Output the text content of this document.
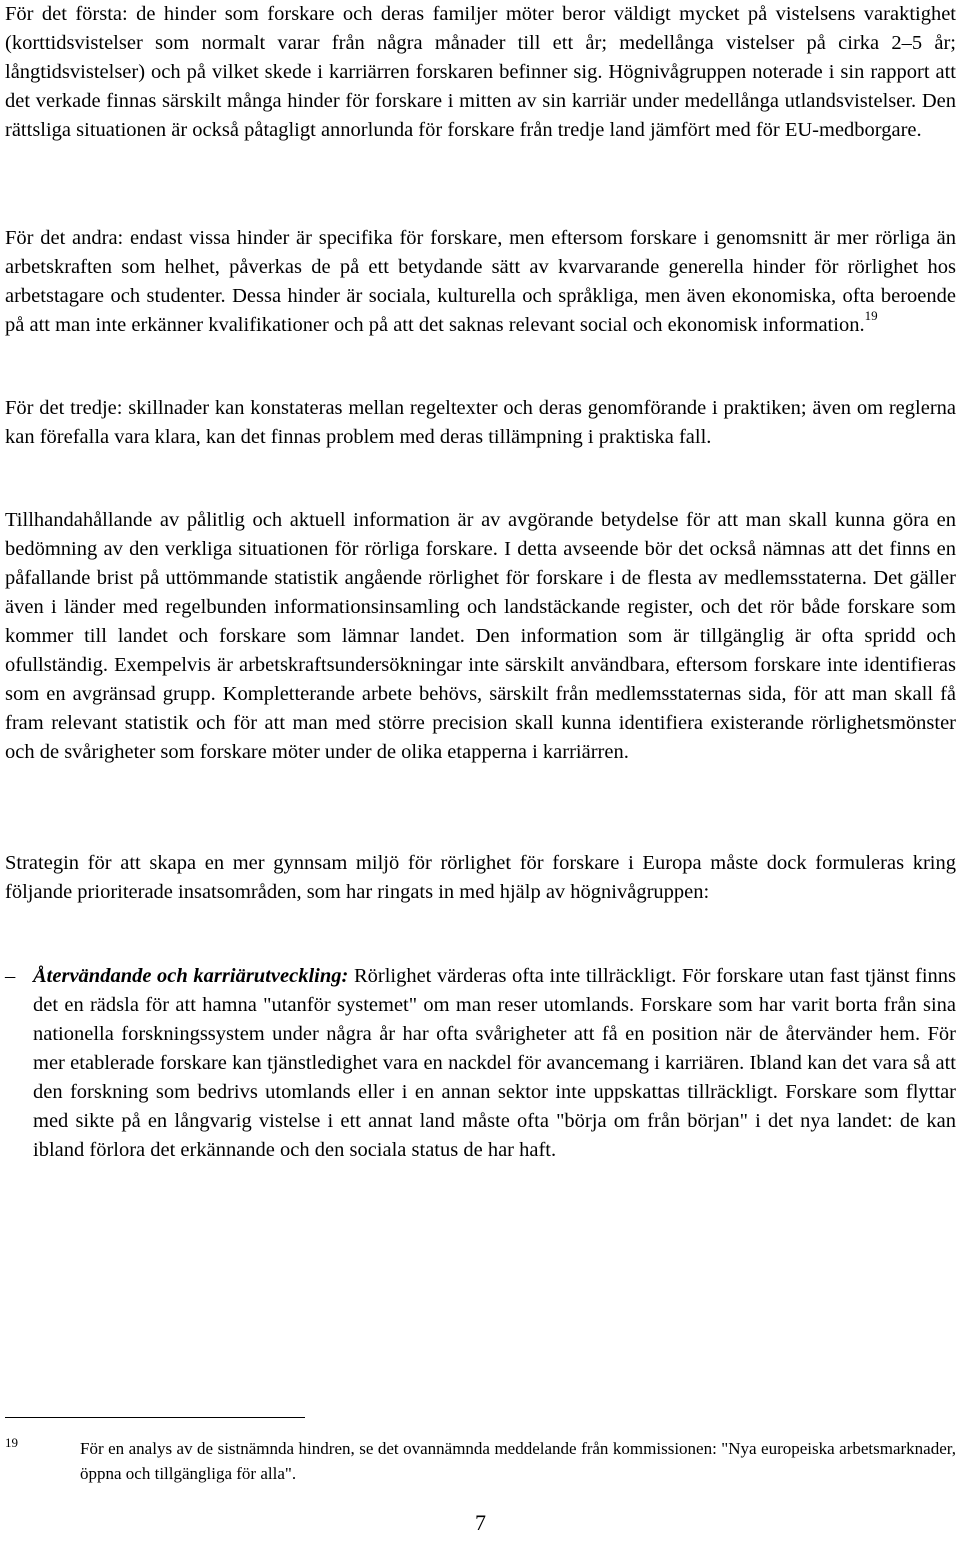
För det första: de hinder som forskare och deras familjer möter beror väldigt mycket på vistelsens varaktighet (korttidsvistelser som normalt varar från några månader till ett år; medellånga vistelser på cirka 2–5 år; långtidsvistelser) och på vilket skede i karriärren forskaren befinner sig. Högnivågruppen noterade i sin rapport att det verkade finnas särskilt många hinder för forskare i mitten av sin karriär under medellånga utlandsvistelser. Den rättsliga situationen är också påtagligt annorlunda för forskare från tredje land jämfört med för EU-medborgare.

För det andra: endast vissa hinder är specifika för forskare, men eftersom forskare i genomsnitt är mer rörliga än arbetskraften som helhet, påverkas de på ett betydande sätt av kvarvarande generella hinder för rörlighet hos arbetstagare och studenter. Dessa hinder är sociala, kulturella och språkliga, men även ekonomiska, ofta beroende på att man inte erkänner kvalifikationer och på att det saknas relevant social och ekonomisk information.$^{19}$

För det tredje: skillnader kan konstateras mellan regeltexter och deras genomförande i praktiken; även om reglerna kan förefalla vara klara, kan det finnas problem med deras tillämpning i praktiska fall.

Tillhandahållande av pålitlig och aktuell information är av avgörande betydelse för att man skall kunna göra en bedömning av den verkliga situationen för rörliga forskare. I detta avseende bör det också nämnas att det finns en påfallande brist på uttömmande statistik angående rörlighet för forskare i de flesta av medlemsstaterna. Det gäller även i länder med regelbunden informationsinsamling och landstäckande register, och det rör både forskare som kommer till landet och forskare som lämnar landet. Den information som är tillgänglig är ofta spridd och ofullständig. Exempelvis är arbetskraftsundersökningar inte särskilt användbara, eftersom forskare inte identifieras som en avgränsad grupp. Kompletterande arbete behövs, särskilt från medlemsstaternas sida, för att man skall få fram relevant statistik och för att man med större precision skall kunna identifiera existerande rörlighetsmönster och de svårigheter som forskare möter under de olika etapperna i karriärren.

Strategin för att skapa en mer gynnsam miljö för rörlighet för forskare i Europa måste dock formuleras kring följande prioriterade insatsområden, som har ringats in med hjälp av högnivågruppen:

– Återvändande och karriärutveckling: Rörlighet värderas ofta inte tillräckligt. För forskare utan fast tjänst finns det en rädsla för att hamna "utanför systemet" om man reser utomlands. Forskare som har varit borta från sina nationella forskningssystem under några år har ofta svårigheter att få en position när de återvänder hem. För mer etablerade forskare kan tjänstledighet vara en nackdel för avancemang i karriären. Ibland kan det vara så att den forskning som bedrivs utomlands eller i en annan sektor inte uppskattas tillräckligt. Forskare som flyttar med sikte på en långvarig vistelse i ett annat land måste ofta "börja om från början" i det nya landet: de kan ibland förlora det erkännande och den sociala status de har haft.
19	För en analys av de sistnämnda hindren, se det ovannämnda meddelande från kommissionen: "Nya europeiska arbetsmarknader, öppna och tillgängliga för alla".
7
